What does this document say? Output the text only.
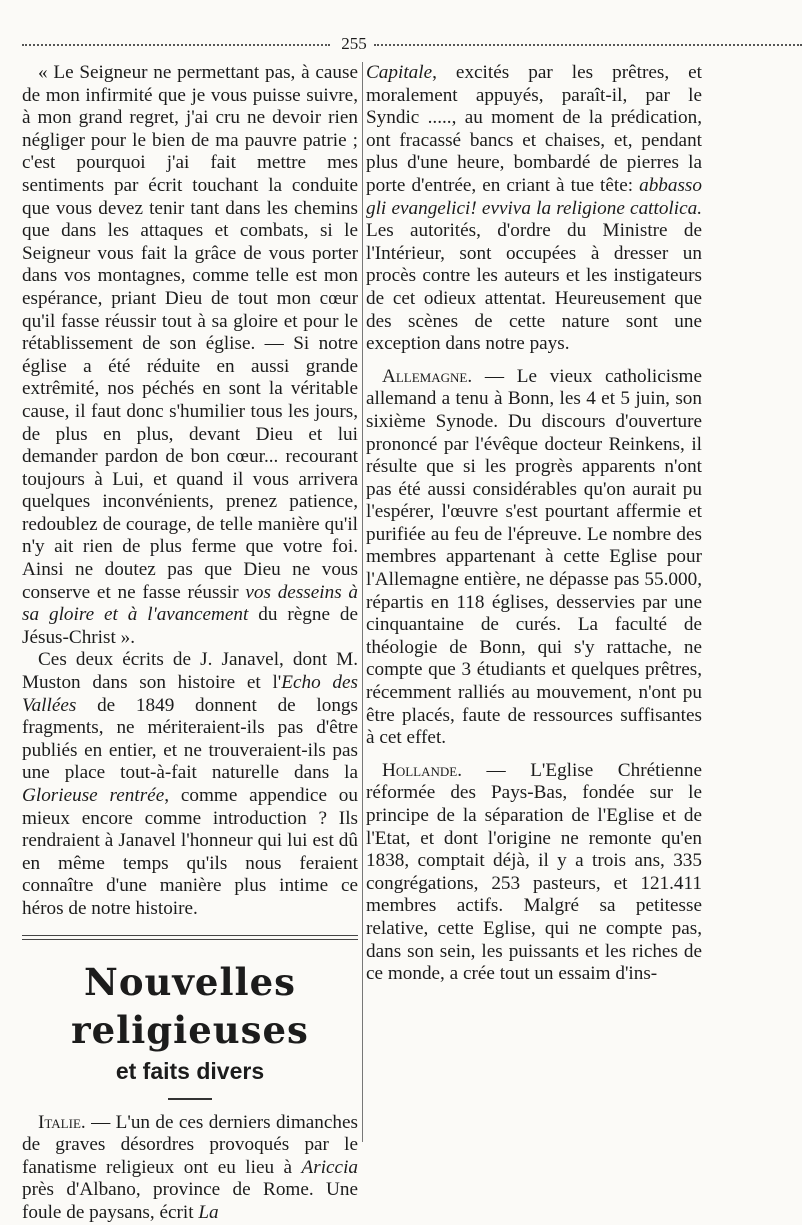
255

« Le Seigneur ne permettant pas, à cause de mon infirmité que je vous puisse suivre, à mon grand regret, j'ai cru ne devoir rien négliger pour le bien de ma pauvre patrie ; c'est pourquoi j'ai fait mettre mes sentiments par écrit touchant la conduite que vous devez tenir tant dans les chemins que dans les attaques et combats, si le Seigneur vous fait la grâce de vous porter dans vos montagnes, comme telle est mon espérance, priant Dieu de tout mon cœur qu'il fasse réussir tout à sa gloire et pour le rétablissement de son église. — Si notre église a été réduite en aussi grande extrêmité, nos péchés en sont la véritable cause, il faut donc s'humilier tous les jours, de plus en plus, devant Dieu et lui demander pardon de bon cœur... recourant toujours à Lui, et quand il vous arrivera quelques inconvénients, prenez patience, redoublez de courage, de telle manière qu'il n'y ait rien de plus ferme que votre foi. Ainsi ne doutez pas que Dieu ne vous conserve et ne fasse réussir vos desseins à sa gloire et à l'avancement du règne de Jésus-Christ ».

Ces deux écrits de J. Janavel, dont M. Muston dans son histoire et l'Echo des Vallées de 1849 donnent de longs fragments, ne mériteraient-ils pas d'être publiés en entier, et ne trouveraient-ils pas une place tout-à-fait naturelle dans la Glorieuse rentrée, comme appendice ou mieux encore comme introduction ? Ils rendraient à Janavel l'honneur qui lui est dû en même temps qu'ils nous feraient connaître d'une manière plus intime ce héros de notre histoire.

Nouvelles religieuses
et faits divers

Italie. — L'un de ces derniers dimanches de graves désordres provoqués par le fanatisme religieux ont eu lieu à Ariccia près d'Albano, province de Rome. Une foule de paysans, écrit La

Capitale, excités par les prêtres, et moralement appuyés, paraît-il, par le Syndic ....., au moment de la prédication, ont fracassé bancs et chaises, et, pendant plus d'une heure, bombardé de pierres la porte d'entrée, en criant à tue tête: abbasso gli evangelici! evviva la religione cattolica. Les autorités, d'ordre du Ministre de l'Intérieur, sont occupées à dresser un procès contre les auteurs et les instigateurs de cet odieux attentat. Heureusement que des scènes de cette nature sont une exception dans notre pays.

Allemagne. — Le vieux catholicisme allemand a tenu à Bonn, les 4 et 5 juin, son sixième Synode. Du discours d'ouverture prononcé par l'évêque docteur Reinkens, il résulte que si les progrès apparents n'ont pas été aussi considérables qu'on aurait pu l'espérer, l'œuvre s'est pourtant affermie et purifiée au feu de l'épreuve. Le nombre des membres appartenant à cette Eglise pour l'Allemagne entière, ne dépasse pas 55.000, répartis en 118 églises, desservies par une cinquantaine de curés. La faculté de théologie de Bonn, qui s'y rattache, ne compte que 3 étudiants et quelques prêtres, récemment ralliés au mouvement, n'ont pu être placés, faute de ressources suffisantes à cet effet.

Hollande. — L'Eglise Chrétienne réformée des Pays-Bas, fondée sur le principe de la séparation de l'Eglise et de l'Etat, et dont l'origine ne remonte qu'en 1838, comptait déjà, il y a trois ans, 335 congrégations, 253 pasteurs, et 121.411 membres actifs. Malgré sa petitesse relative, cette Eglise, qui ne compte pas, dans son sein, les puissants et les riches de ce monde, a crée tout un essaim d'ins-
